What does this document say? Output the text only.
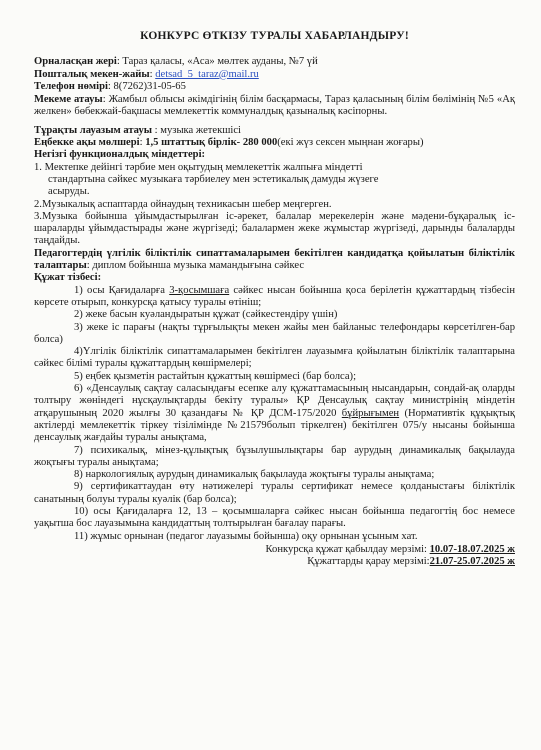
КОНКУРС ӨТКІЗУ ТУРАЛЫ ХАБАРЛАНДЫРУ!

Орналасқан жері: Тараз қаласы, «Аса» мөлтек ауданы, №7 үй

Пошталық мекен-жайы: detsad_5_taraz@mail.ru

Телефон нөмірі: 8(7262)31-05-65

Мекеме атауы: Жамбыл облысы әкімдігінің білім басқармасы, Тараз қаласының білім бөлімінің №5 «Ақ желкен» бөбекжай-бақшасы мемлекеттік коммуналдық қазыналық кәсіпорны.

Тұрақты лауазым атауы : музыка жетекшісі

Еңбекке ақы мөлшері: 1,5 штаттық бірлік- 280 000(екі жүз сексен мыңнан жоғары)

Негізгі функционалдық міндеттері:

1. Мектепке дейінгі тәрбие мен оқытудың мемлекеттік жалпыға міндетті

стандартына сәйкес музыкаға тәрбиелеу мен эстетикалық дамуды жүзеге

асыруды.

2.Музыкалық аспаптарда ойнаудың техникасын шебер меңгерген.

3.Музыка бойынша ұйымдастырылған іс-әрекет, балалар мерекелерін және мәдени-бұқаралық іс-шараларды ұйымдастырады және жүргізеді; балалармен жеке жұмыстар жүргізеді, дарынды балаларды таңдайды.

Педагогтердің үлгілік біліктілік сипаттамаларымен бекітілген кандидатқа қойылатын біліктілік талаптары: диплом бойынша музыка мамандығына сәйкес

Құжат тізбесі:

1) осы Қағидаларға 3-қосымшаға сәйкес нысан бойынша қоса берілетін құжаттардың тізбесін көрсете отырып, конкурсқа қатысу туралы өтініш;

2) жеке басын куәландыратын құжат (сәйкестендіру үшін)

3) жеке іс парағы (нақты тұрғылықты мекен жайы мен байланыс телефондары көрсетілген-бар болса)

4)Үлгілік біліктілік сипаттамаларымен бекітілген лауазымға қойылатын біліктілік талаптарына сәйкес білімі туралы құжаттардың көшірмелері;

5) еңбек қызметін растайтын құжаттың көшірмесі (бар болса);

6) «Денсаулық сақтау саласындағы есепке алу құжаттамасының нысандарын, сондай-ақ оларды толтыру жөніндегі нұсқаулықтарды бекіту туралы» ҚР Денсаулық сақтау министрінің міндетін атқарушының 2020 жылғы 30 қазандағы № ҚР ДСМ-175/2020 бұйрығымен (Нормативтік құқықтық актілерді мемлекеттік тіркеу тізілімінде №21579болып тіркелген) бекітілген 075/у нысаны бойынша денсаулық жағдайы туралы анықтама,

7) психикалық, мінез-құлықтық бұзылушылықтары бар аурудың динамикалық бақылауда жоқтығы туралы анықтама;

8) наркологиялық аурудың динамикалық бақылауда жоқтығы туралы анықтама;

9) сертификаттаудан өту нәтижелері туралы сертификат немесе қолданыстағы біліктілік санатының болуы туралы куәлік (бар болса);

10) осы Қағидаларға 12, 13 – қосымшаларға сәйкес нысан бойынша педагогтің бос немесе уақытша бос лауазымына кандидаттың толтырылған бағалау парағы.

11) жұмыс орнынан (педагог лауазымы бойынша) оқу орнынан ұсыным хат.

Конкурсқа құжат қабылдау мерзімі: 10.07-18.07.2025 ж

Құжаттарды қарау мерзімі:21.07-25.07.2025 ж
